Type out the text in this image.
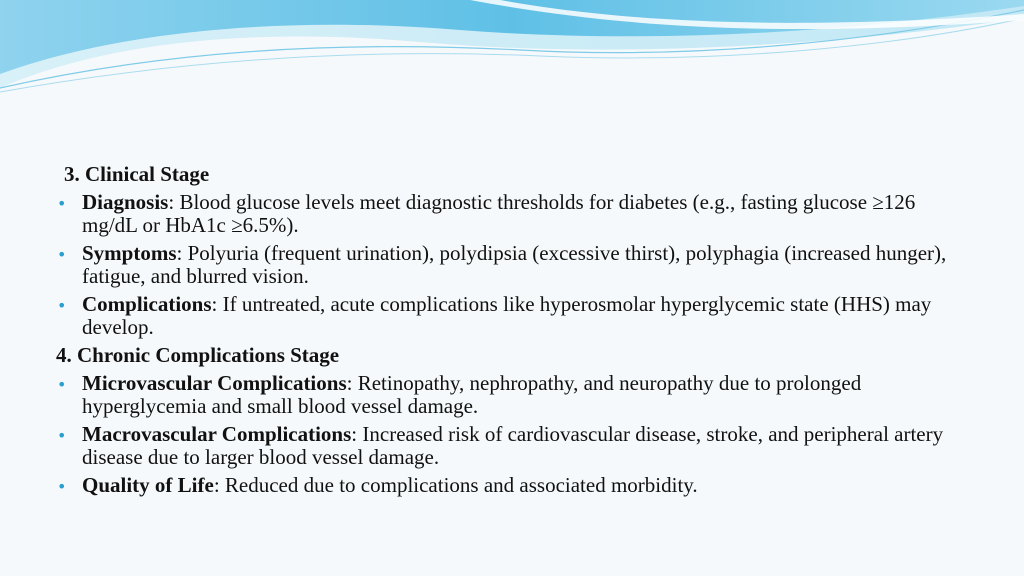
3. Clinical Stage
• Diagnosis: Blood glucose levels meet diagnostic thresholds for diabetes (e.g., fasting glucose ≥126 mg/dL or HbA1c ≥6.5%).
• Symptoms: Polyuria (frequent urination), polydipsia (excessive thirst), polyphagia (increased hunger), fatigue, and blurred vision.
• Complications: If untreated, acute complications like hyperosmolar hyperglycemic state (HHS) may develop.
4. Chronic Complications Stage
• Microvascular Complications: Retinopathy, nephropathy, and neuropathy due to prolonged hyperglycemia and small blood vessel damage.
• Macrovascular Complications: Increased risk of cardiovascular disease, stroke, and peripheral artery disease due to larger blood vessel damage.
• Quality of Life: Reduced due to complications and associated morbidity.
